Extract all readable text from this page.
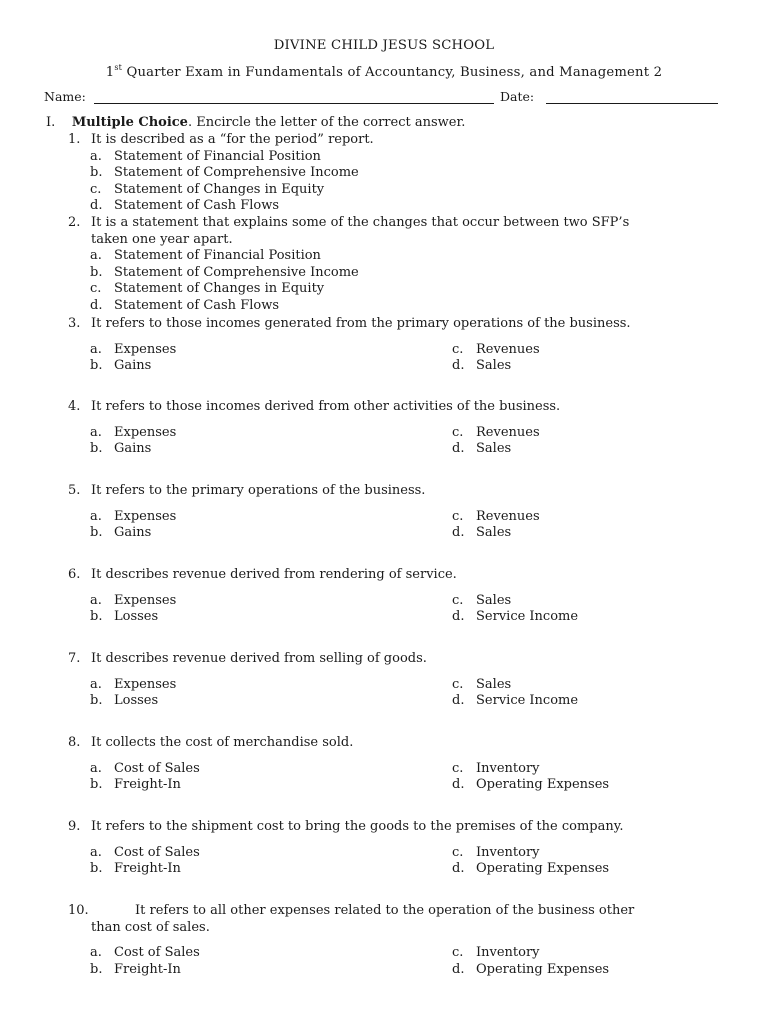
DIVINE CHILD JESUS SCHOOL
1st Quarter Exam in Fundamentals of Accountancy, Business, and Management 2
Name:	Date:
I. Multiple Choice. Encircle the letter of the correct answer.
1. It is described as a “for the period” report.
a. Statement of Financial Position
b. Statement of Comprehensive Income
c. Statement of Changes in Equity
d. Statement of Cash Flows
2. It is a statement that explains some of the changes that occur between two SFP’s
taken one year apart.
a. Statement of Financial Position
b. Statement of Comprehensive Income
c. Statement of Changes in Equity
d. Statement of Cash Flows
3. It refers to those incomes generated from the primary operations of the business.
a. Expenses
b. Gains
c. Revenues
d. Sales
4. It refers to those incomes derived from other activities of the business.
a. Expenses
b. Gains
c. Revenues
d. Sales
5. It refers to the primary operations of the business.
a. Expenses
b. Gains
c. Revenues
d. Sales
6. It describes revenue derived from rendering of service.
a. Expenses
b. Losses
c. Sales
d. Service Income
7. It describes revenue derived from selling of goods.
a. Expenses
b. Losses
c. Sales
d. Service Income
8. It collects the cost of merchandise sold.
a. Cost of Sales
b. Freight-In
c. Inventory
d. Operating Expenses
9. It refers to the shipment cost to bring the goods to the premises of the company.
a. Cost of Sales
b. Freight-In
c. Inventory
d. Operating Expenses
10.	It refers to all other expenses related to the operation of the business other
than cost of sales.
a. Cost of Sales
b. Freight-In
c. Inventory
d. Operating Expenses
